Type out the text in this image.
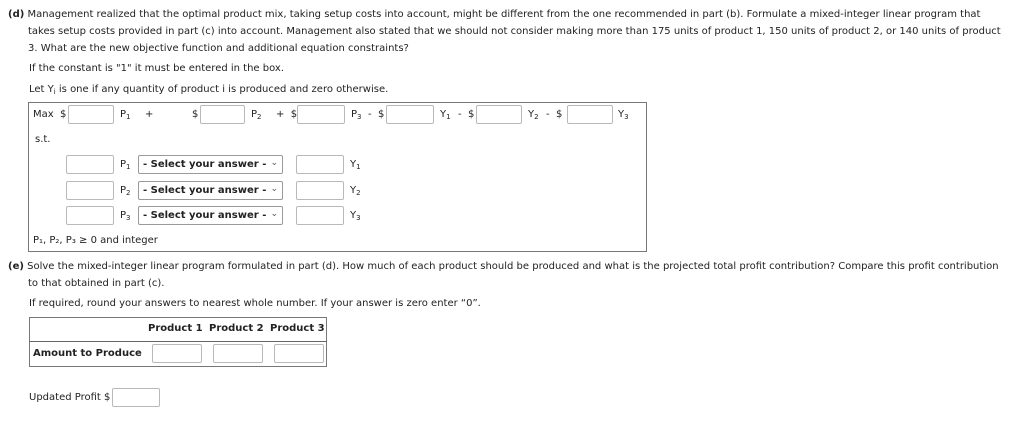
(d) Management realized that the optimal product mix, taking setup costs into account, might be different from the one recommended in part (b). Formulate a mixed-integer linear program that
takes setup costs provided in part (c) into account. Management also stated that we should not consider making more than 175 units of product 1, 150 units of product 2, or 140 units of product
3. What are the new objective function and additional equation constraints?
If the constant is "1" it must be entered in the box.
Let $Y_i$ is one if any quantity of product i is produced and zero otherwise.
Max $	$P_1$ +	$	$P_2$ + $	$P_3$ - $	$Y_1$ - $	$Y_2$ - $	$Y_3$
s.t.
$P_1$	- Select your answer - ⌄	$Y_1$
$P_2$	- Select your answer - ⌄	$Y_2$
$P_3$	- Select your answer - ⌄	$Y_3$
P₁, P₂, P₃ ≥ 0 and integer
(e) Solve the mixed-integer linear program formulated in part (d). How much of each product should be produced and what is the projected total profit contribution? Compare this profit contribution
to that obtained in part (c).
If required, round your answers to nearest whole number. If your answer is zero enter “0”.
Product 1 Product 2 Product 3
Amount to Produce
Updated Profit $
